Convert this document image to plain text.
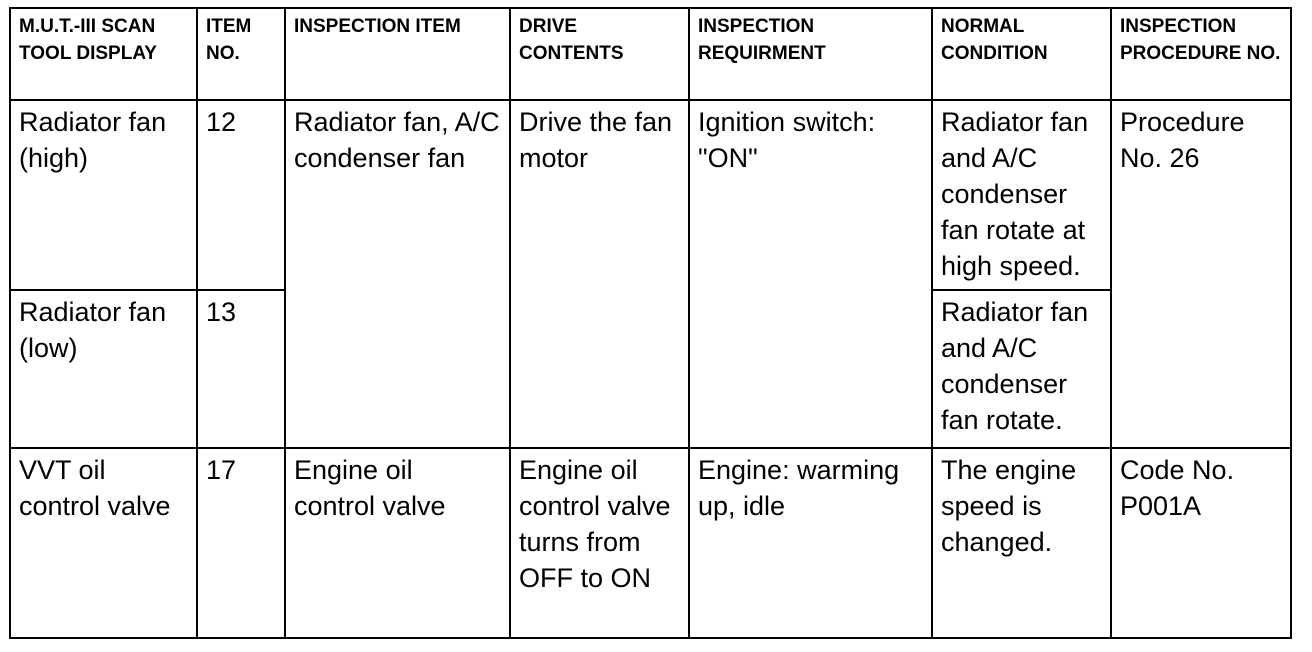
M.U.T.-III SCAN TOOL DISPLAY	ITEM NO.	INSPECTION ITEM	DRIVE CONTENTS	INSPECTION REQUIRMENT	NORMAL CONDITION	INSPECTION PROCEDURE NO.
Radiator fan (high)	12	Radiator fan, A/C condenser fan	Drive the fan motor	Ignition switch: "ON"	Radiator fan and A/C condenser fan rotate at high speed.	Procedure No. 26
Radiator fan (low)	13				Radiator fan and A/C condenser fan rotate.	
VVT oil control valve	17	Engine oil control valve	Engine oil control valve turns from OFF to ON	Engine: warming up, idle	The engine speed is changed.	Code No. P001A
